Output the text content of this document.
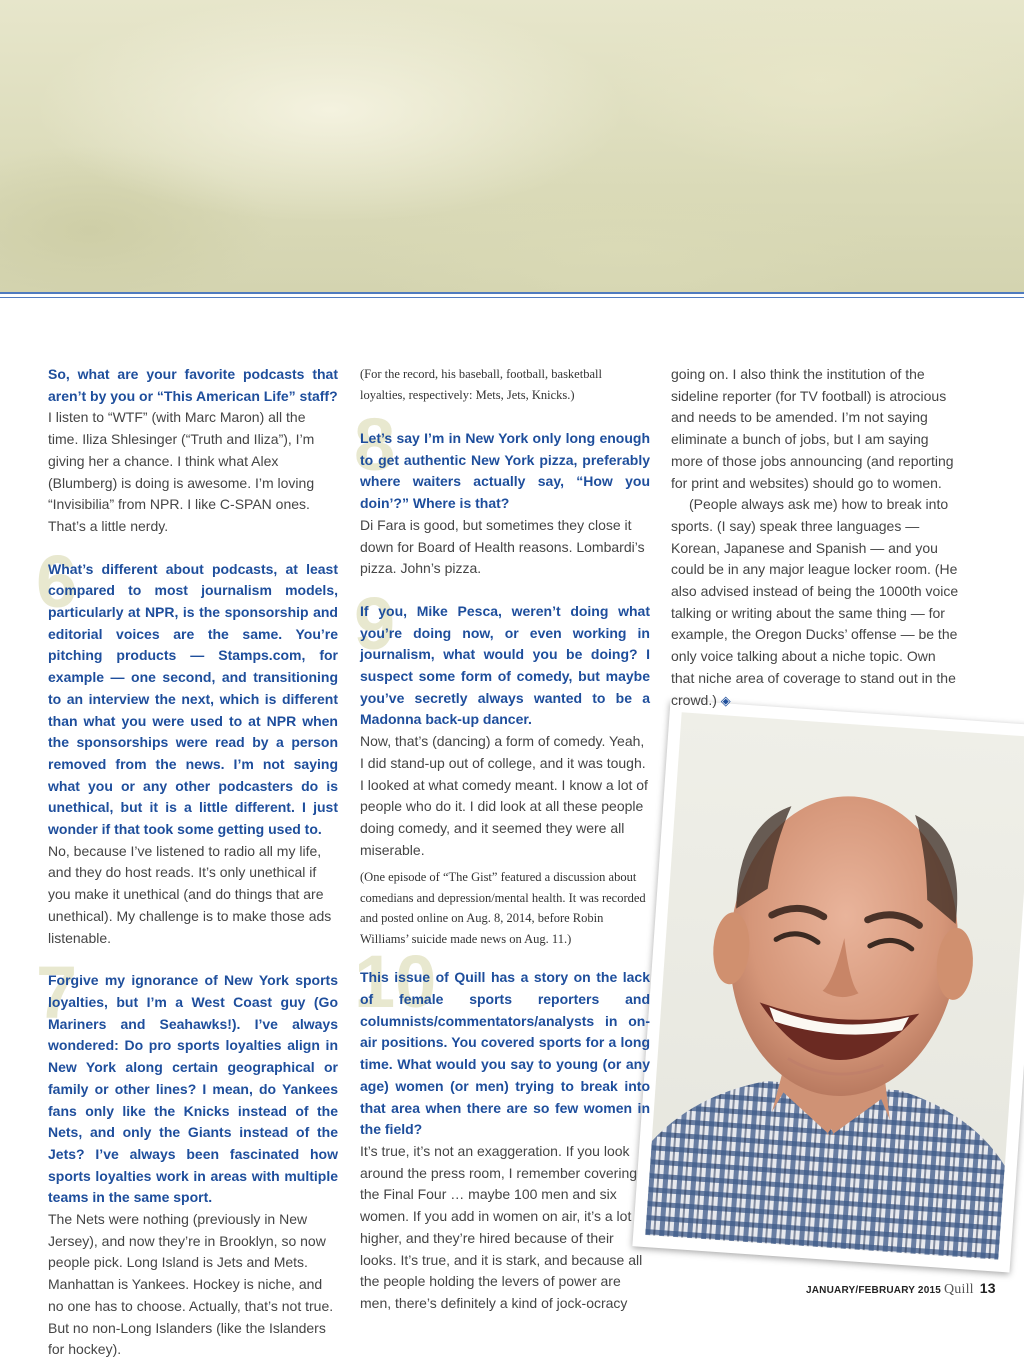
So, what are your favorite podcasts that aren’t by you or “This American Life” staff?

I listen to “WTF” (with Marc Maron) all the time. Iliza Shlesinger (“Truth and Iliza”), I’m giving her a chance. I think what Alex (Blumberg) is doing is awesome. I’m loving “Invisibilia” from NPR. I like C-SPAN ones. That’s a little nerdy.

6

What’s different about podcasts, at least compared to most journalism models, particularly at NPR, is the sponsorship and editorial voices are the same. You’re pitching products — Stamps.com, for example — one second, and transitioning to an interview the next, which is different than what you were used to at NPR when the sponsorships were read by a person removed from the news. I’m not saying what you or any other podcasters do is unethical, but it is a little different. I just wonder if that took some getting used to.

No, because I’ve listened to radio all my life, and they do host reads. It’s only unethical if you make it unethical (and do things that are unethical). My challenge is to make those ads listenable.

7

Forgive my ignorance of New York sports loyalties, but I’m a West Coast guy (Go Mariners and Seahawks!). I’ve always wondered: Do pro sports loyalties align in New York along certain geographical or family or other lines? I mean, do Yankees fans only like the Knicks instead of the Nets, and only the Giants instead of the Jets? I’ve always been fascinated how sports loyalties work in areas with multiple teams in the same sport.

The Nets were nothing (previously in New Jersey), and now they’re in Brooklyn, so now people pick. Long Island is Jets and Mets. Manhattan is Yankees. Hockey is niche, and no one has to choose. Actually, that’s not true. But no non-Long Islanders (like the Islanders for hockey).

(For the record, his baseball, football, basketball loyalties, respectively: Mets, Jets, Knicks.)

8

Let’s say I’m in New York only long enough to get authentic New York pizza, preferably where waiters actually say, “How you doin’?” Where is that?

Di Fara is good, but sometimes they close it down for Board of Health reasons. Lombardi’s pizza. John’s pizza.

9

If you, Mike Pesca, weren’t doing what you’re doing now, or even working in journalism, what would you be doing? I suspect some form of comedy, but maybe you’ve secretly always wanted to be a Madonna back-up dancer.

Now, that’s (dancing) a form of comedy. Yeah, I did stand-up out of college, and it was tough. I looked at what comedy meant. I know a lot of people who do it. I did look at all these people doing comedy, and it seemed they were all miserable.

(One episode of “The Gist” featured a discussion about comedians and depression/mental health. It was recorded and posted online on Aug. 8, 2014, before Robin Williams’ suicide made news on Aug. 11.)

10

This issue of Quill has a story on the lack of female sports reporters and columnists/commentators/analysts in on-air positions. You covered sports for a long time. What would you say to young (or any age) women (or men) trying to break into that area when there are so few women in the field?

It’s true, it’s not an exaggeration. If you look around the press room, I remember covering the Final Four … maybe 100 men and six women. If you add in women on air, it’s a lot higher, and they’re hired because of their looks. It’s true, and it is stark, and because all the people holding the levers of power are men, there’s definitely a kind of jock-ocracy

going on. I also think the institution of the sideline reporter (for TV football) is atrocious and needs to be amended. I’m not saying eliminate a bunch of jobs, but I am saying more of those jobs announcing (and reporting for print and websites) should go to women.

(People always ask me) how to break into sports. (I say) speak three languages — Korean, Japanese and Spanish — and you could be in any major league locker room. (He also advised instead of being the 1000th voice talking or writing about the same thing — for example, the Oregon Ducks’ offense — be the only voice talking about a niche topic. Own that niche area of coverage to stand out in the crowd.) ◈

JANUARY/FEBRUARY 2015 Quill 13
